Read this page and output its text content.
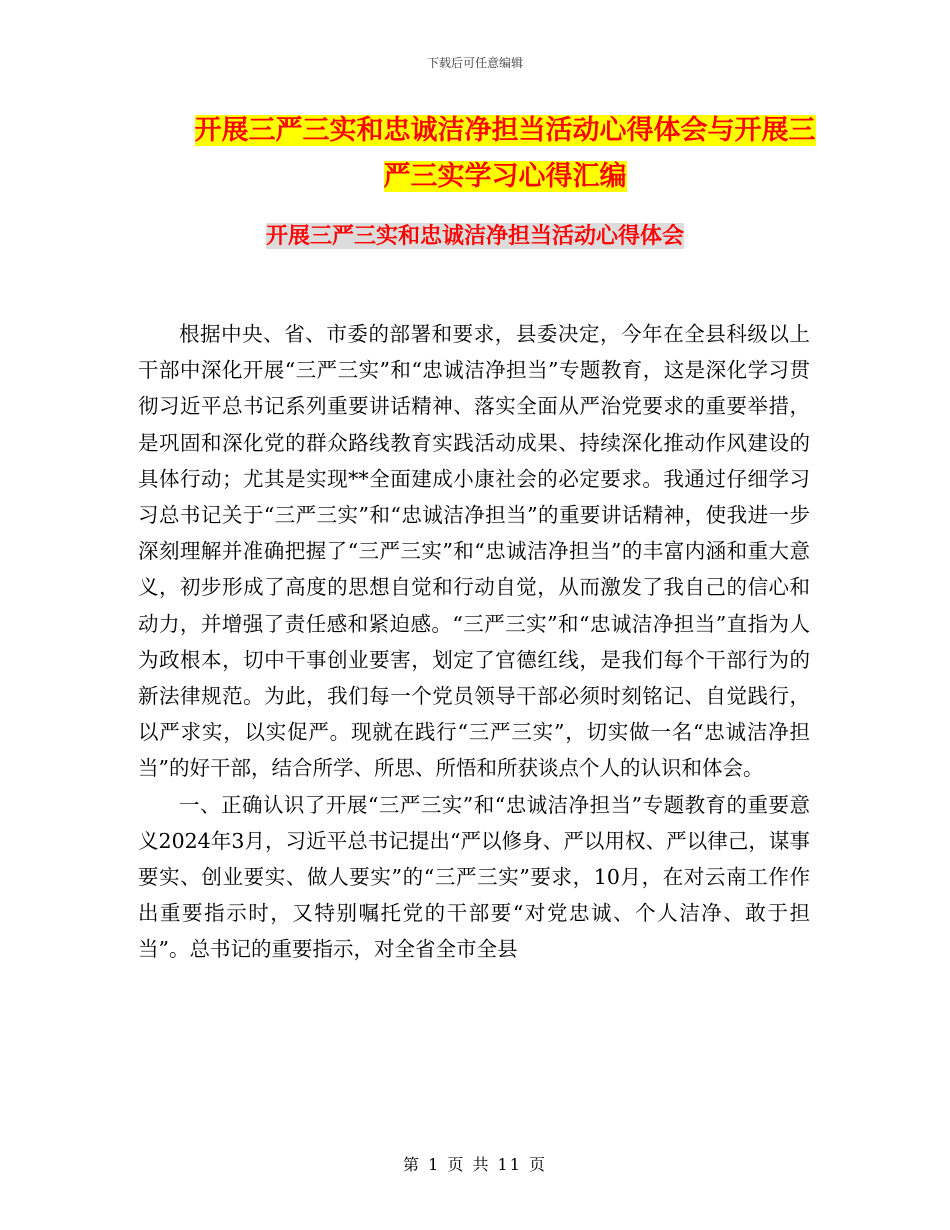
下载后可任意编辑
开展三严三实和忠诚洁净担当活动心得体会与开展三严三实学习心得汇编
开展三严三实和忠诚洁净担当活动心得体会

根据中央、省、市委的部署和要求，县委决定，今年在全县科级以上干部中深化开展“三严三实”和“忠诚洁净担当”专题教育，这是深化学习贯彻习近平总书记系列重要讲话精神、落实全面从严治党要求的重要举措，是巩固和深化党的群众路线教育实践活动成果、持续深化推动作风建设的具体行动；尤其是实现**全面建成小康社会的必定要求。我通过仔细学习习总书记关于“三严三实”和“忠诚洁净担当”的重要讲话精神，使我进一步深刻理解并准确把握了“三严三实”和“忠诚洁净担当”的丰富内涵和重大意义，初步形成了高度的思想自觉和行动自觉，从而激发了我自己的信心和动力，并增强了责任感和紧迫感。“三严三实”和“忠诚洁净担当”直指为人为政根本，切中干事创业要害，划定了官德红线，是我们每个干部行为的新法律规范。为此，我们每一个党员领导干部必须时刻铭记、自觉践行，以严求实，以实促严。现就在践行“三严三实”，切实做一名“忠诚洁净担当”的好干部，结合所学、所思、所悟和所获谈点个人的认识和体会。

一、正确认识了开展“三严三实”和“忠诚洁净担当”专题教育的重要意义2024年3月，习近平总书记提出“严以修身、严以用权、严以律己，谋事要实、创业要实、做人要实”的“三严三实”要求，10月，在对云南工作作出重要指示时，又特别嘱托党的干部要“对党忠诚、个人洁净、敢于担当”。总书记的重要指示，对全省全市全县

第 1 页 共 11 页
